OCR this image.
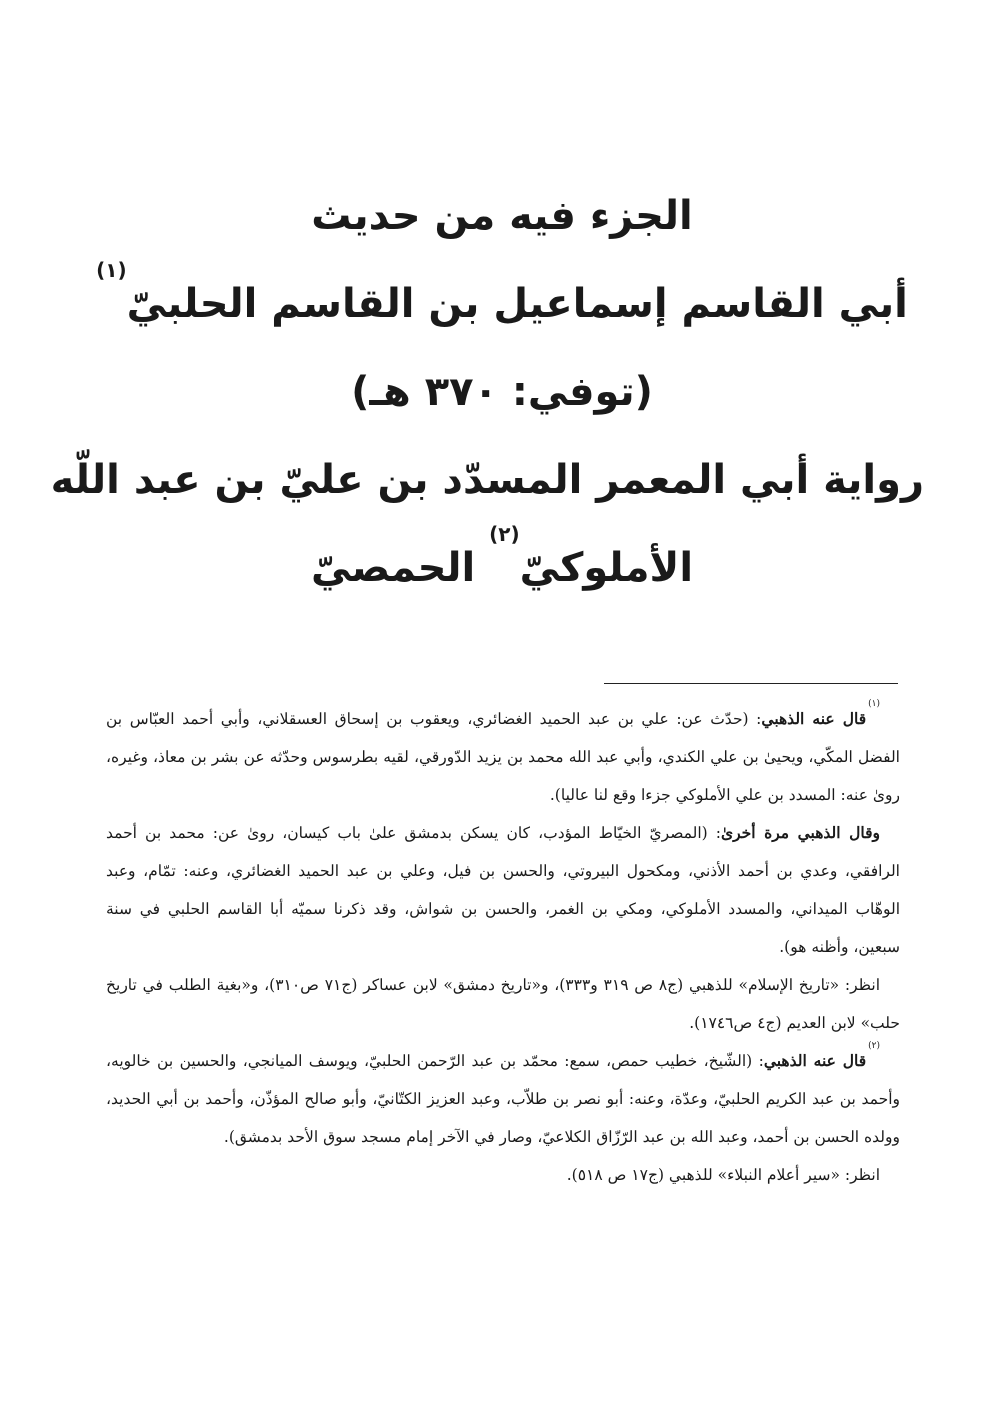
الجزء فيه من حديث
أبي القاسم إسماعيل بن القاسم الحلبيّ$^{(١)}$
(توفي: ٣٧٠ هـ)
رواية أبي المعمر المسدّد بن عليّ بن عبد اللّه
الأملوكيّ$^{(٢)}$ الحمصيّ

$^{(١)}$قال عنه الذهبي: (حدّث عن: علي بن عبد الحميد الغضائري، ويعقوب بن إسحاق العسقلاني، وأبي أحمد العبّاس بن الفضل المكّي، ويحيىٰ بن علي الكندي، وأبي عبد الله محمد بن يزيد الدّورقي، لقيه بطرسوس وحدّثه عن بشر بن معاذ، وغيره، روىٰ عنه: المسدد بن علي الأملوكي جزءا وقع لنا عاليا).

وقال الذهبي مرة أخرىٰ: (المصريّ الخيّاط المؤدب، كان يسكن بدمشق علىٰ باب كيسان، روىٰ عن: محمد بن أحمد الرافقي، وعدي بن أحمد الأذني، ومكحول البيروتي، والحسن بن فيل، وعلي بن عبد الحميد الغضائري، وعنه: تمّام، وعبد الوهّاب الميداني، والمسدد الأملوكي، ومكي بن الغمر، والحسن بن شواش، وقد ذكرنا سميّه أبا القاسم الحلبي في سنة سبعين، وأظنه هو).

انظر: «تاريخ الإسلام» للذهبي (ج٨ ص ٣١٩ و٣٣٣)، و«تاريخ دمشق» لابن عساكر (ج٧١ ص٣١٠)، و«بغية الطلب في تاريخ حلب» لابن العديم (ج٤ ص١٧٤٦).

$^{(٢)}$قال عنه الذهبي: (الشّيخ، خطيب حمص، سمع: محمّد بن عبد الرّحمن الحلبيّ، ويوسف الميانجي، والحسين بن خالويه، وأحمد بن عبد الكريم الحلبيّ، وعدّة، وعنه: أبو نصر بن طلاّب، وعبد العزيز الكتّانيّ، وأبو صالح المؤذّن، وأحمد بن أبي الحديد، وولده الحسن بن أحمد، وعبد الله بن عبد الرّزّاق الكلاعيّ، وصار في الآخر إمام مسجد سوق الأحد بدمشق).

انظر: «سير أعلام النبلاء» للذهبي (ج١٧ ص ٥١٨).
